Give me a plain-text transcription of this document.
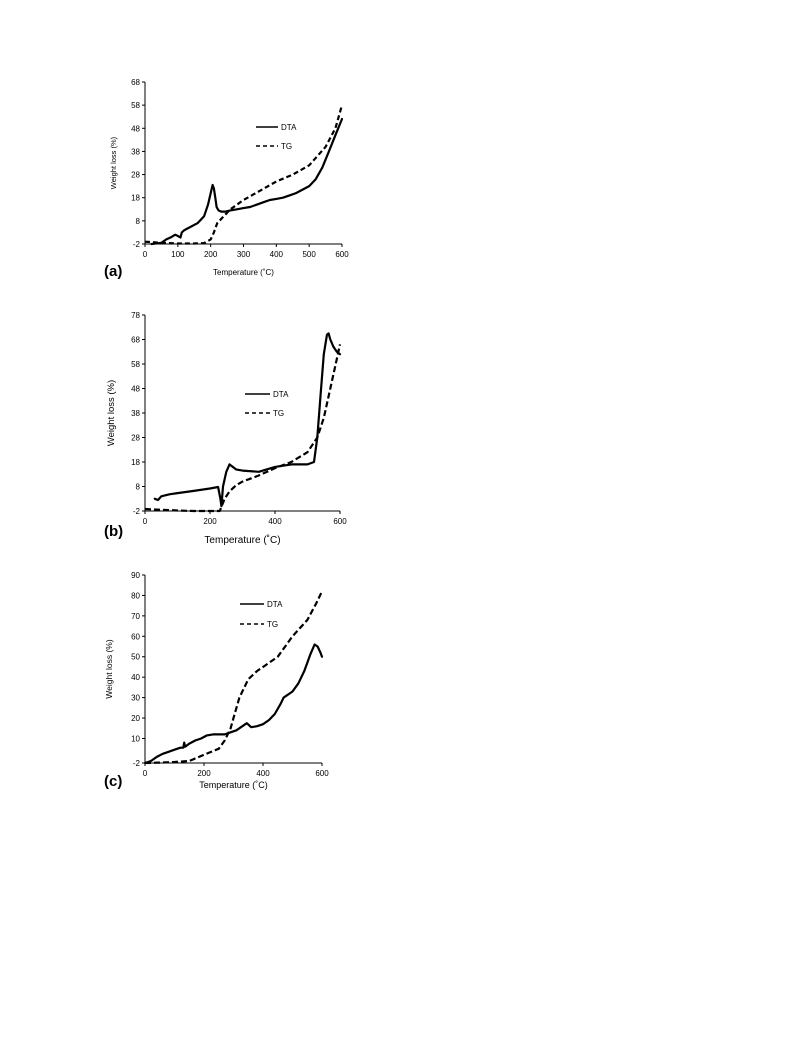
-2
8
18
28
38
48
58
68
0	100 200 300 400 500 600
Temperature (˚C)
Weight loss (%)
(a)
DTA
TG
-2
8
18
28
38
48
58
68
78
0	200	400	600
Temperature (˚C)
Weight loss (%)
(b)
DTA
TG
-2
10
20
30
40
50
60
70
80
90
0	200	400	600
Temperature (˚C)
Weight loss (%)
(c)
DTA
TG
